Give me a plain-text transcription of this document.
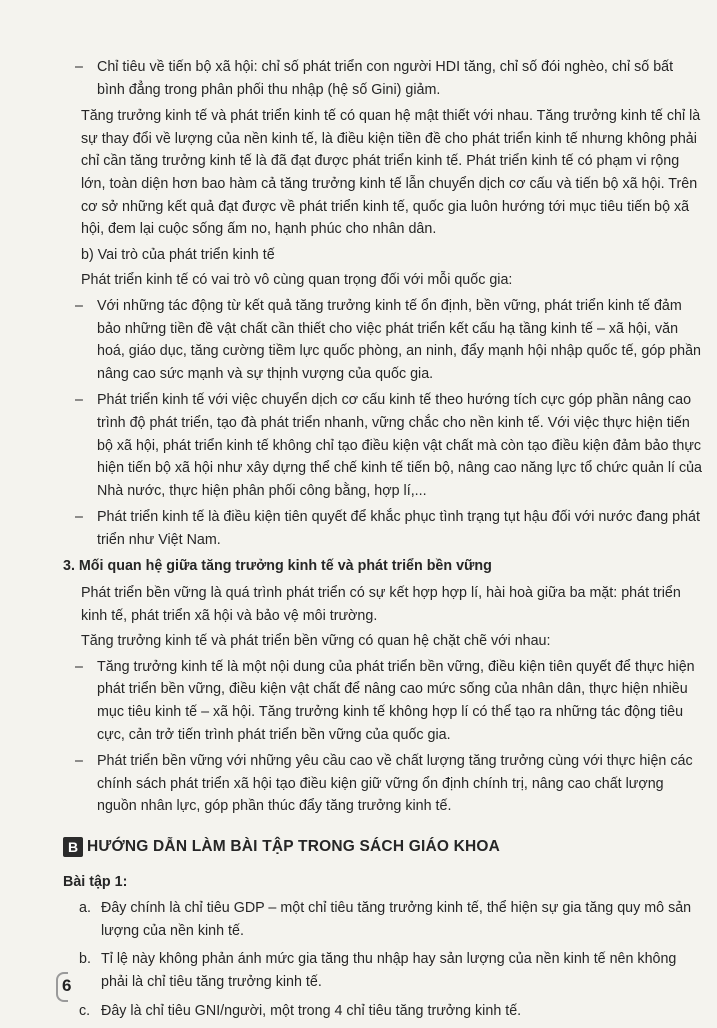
– Chỉ tiêu về tiến bộ xã hội: chỉ số phát triển con người HDI tăng, chỉ số đói nghèo, chỉ số bất bình đẳng trong phân phối thu nhập (hệ số Gini) giảm.

Tăng trưởng kinh tế và phát triển kinh tế có quan hệ mật thiết với nhau. Tăng trưởng kinh tế chỉ là sự thay đổi về lượng của nền kinh tế, là điều kiện tiền đề cho phát triển kinh tế nhưng không phải chỉ cần tăng trưởng kinh tế là đã đạt được phát triển kinh tế. Phát triển kinh tế có phạm vi rộng lớn, toàn diện hơn bao hàm cả tăng trưởng kinh tế lẫn chuyển dịch cơ cấu và tiến bộ xã hội. Trên cơ sở những kết quả đạt được về phát triển kinh tế, quốc gia luôn hướng tới mục tiêu tiến bộ xã hội, đem lại cuộc sống ấm no, hạnh phúc cho nhân dân.

b) Vai trò của phát triển kinh tế

Phát triển kinh tế có vai trò vô cùng quan trọng đối với mỗi quốc gia:

– Với những tác động từ kết quả tăng trưởng kinh tế ổn định, bền vững, phát triển kinh tế đảm bảo những tiền đề vật chất cần thiết cho việc phát triển kết cấu hạ tầng kinh tế – xã hội, văn hoá, giáo dục, tăng cường tiềm lực quốc phòng, an ninh, đẩy mạnh hội nhập quốc tế, góp phần nâng cao sức mạnh và sự thịnh vượng của quốc gia.

– Phát triển kinh tế với việc chuyển dịch cơ cấu kinh tế theo hướng tích cực góp phần nâng cao trình độ phát triển, tạo đà phát triển nhanh, vững chắc cho nền kinh tế. Với việc thực hiện tiến bộ xã hội, phát triển kinh tế không chỉ tạo điều kiện vật chất mà còn tạo điều kiện đảm bảo thực hiện tiến bộ xã hội như xây dựng thể chế kinh tế tiến bộ, nâng cao năng lực tổ chức quản lí của Nhà nước, thực hiện phân phối công bằng, hợp lí,...

– Phát triển kinh tế là điều kiện tiên quyết để khắc phục tình trạng tụt hậu đối với nước đang phát triển như Việt Nam.

3. Mối quan hệ giữa tăng trưởng kinh tế và phát triển bền vững

Phát triển bền vững là quá trình phát triển có sự kết hợp hợp lí, hài hoà giữa ba mặt: phát triển kinh tế, phát triển xã hội và bảo vệ môi trường.

Tăng trưởng kinh tế và phát triển bền vững có quan hệ chặt chẽ với nhau:

– Tăng trưởng kinh tế là một nội dung của phát triển bền vững, điều kiện tiên quyết để thực hiện phát triển bền vững, điều kiện vật chất để nâng cao mức sống của nhân dân, thực hiện nhiều mục tiêu kinh tế – xã hội. Tăng trưởng kinh tế không hợp lí có thể tạo ra những tác động tiêu cực, cản trở tiến trình phát triển bền vững của quốc gia.

– Phát triển bền vững với những yêu cầu cao về chất lượng tăng trưởng cùng với thực hiện các chính sách phát triển xã hội tạo điều kiện giữ vững ổn định chính trị, nâng cao chất lượng nguồn nhân lực, góp phần thúc đẩy tăng trưởng kinh tế.

B HƯỚNG DẪN LÀM BÀI TẬP TRONG SÁCH GIÁO KHOA

Bài tập 1:

a. Đây chính là chỉ tiêu GDP – một chỉ tiêu tăng trưởng kinh tế, thể hiện sự gia tăng quy mô sản lượng của nền kinh tế.

b. Tỉ lệ này không phản ánh mức gia tăng thu nhập hay sản lượng của nền kinh tế nên không phải là chỉ tiêu tăng trưởng kinh tế.

c. Đây là chỉ tiêu GNI/người, một trong 4 chỉ tiêu tăng trưởng kinh tế.

6
